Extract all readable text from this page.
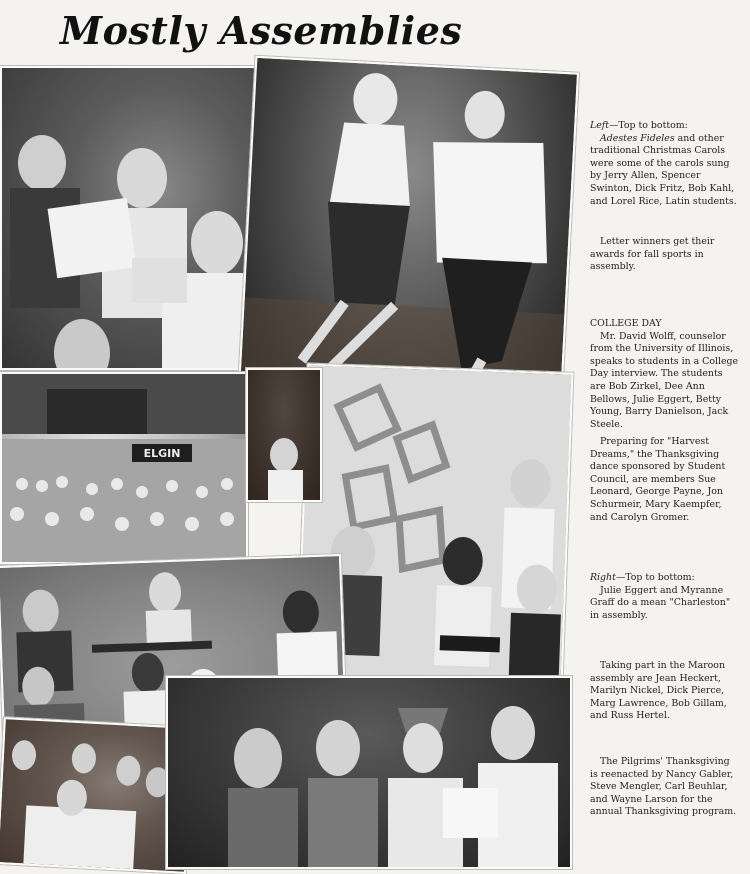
Mostly Assemblies
ELGIN
Left—Top to bottom:

Adestes Fideles and other traditional Christmas Carols were some of the carols sung by Jerry Allen, Spencer Swinton, Dick Fritz, Bob Kahl, and Lorel Rice, Latin students.

Letter winners get their awards for fall sports in assembly.

COLLEGE DAY

Mr. David Wolff, counselor from the University of Illinois, speaks to students in a College Day interview. The students are Bob Zirkel, Dee Ann Bellows, Julie Eggert, Betty Young, Barry Danielson, Jack Steele.

Preparing for "Harvest Dreams," the Thanksgiving dance sponsored by Student Council, are members Sue Leonard, George Payne, Jon Schurmeir, Mary Kaempfer, and Carolyn Gromer.

Right—Top to bottom:

Julie Eggert and Myranne Graff do a mean "Charleston" in assembly.

Taking part in the Maroon assembly are Jean Heckert, Marilyn Nickel, Dick Pierce, Marg Lawrence, Bob Gillam, and Russ Hertel.

The Pilgrims' Thanksgiving is reenacted by Nancy Gabler, Steve Mengler, Carl Beuhlar, and Wayne Larson for the annual Thanksgiving program.
